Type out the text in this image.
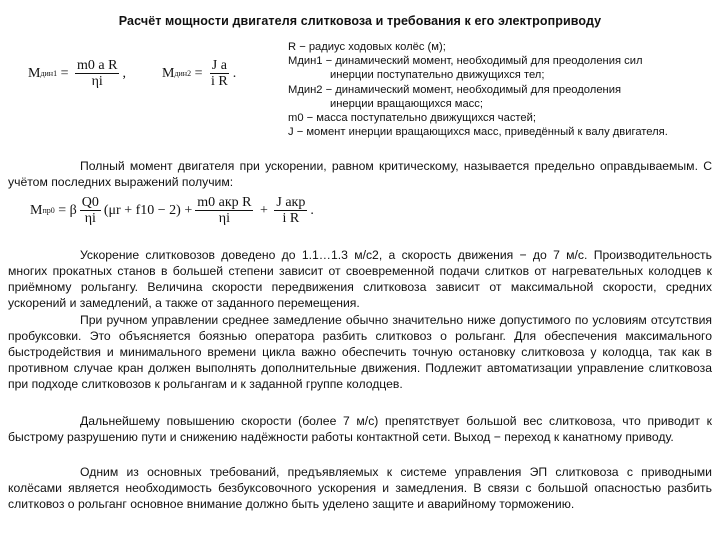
Расчёт мощности двигателя слитковоза и требования к его электроприводу
M $дин1 = \frac{\text{m0 a R}}{\eta i}$ ,	M $дин2 = \frac{\text{J a}}{\text{i R}}$ .
R − радиус ходовых колёс (м);
Mдин1 − динамический момент, необходимый для преодоления сил
инерции поступательно движущихся тел;
Mдин2 − динамический момент, необходимый для преодоления
инерции вращающихся масс;
m0 − масса поступательно движущихся частей;
J − момент инерции вращающихся масс, приведённый к валу двигателя.
Полный момент двигателя при ускорении, равном критическому, называется предельно оправдываемым. С учётом последних выражений получим:
M пр0 = β $\frac{Q0}{\eta i} (\mu r + f10 - 2) + \frac{\text{m0 aкр R}}{\eta i} + \frac{\text{J aкр}}{\text{i R}}$ .
Ускорение слитковозов доведено до 1.1…1.3 м/с2, а скорость движения − до 7 м/с. Производительность многих прокатных станов в большей степени зависит от своевременной подачи слитков от нагревательных колодцев к приёмному рольгангу. Величина скорости передвижения слитковоза зависит от максимальной скорости, средних ускорений и замедлений, а также от заданного перемещения.
При ручном управлении среднее замедление обычно значительно ниже допустимого по условиям отсутствия пробуксовки. Это объясняется боязнью оператора разбить слитковоз о рольганг. Для обеспечения максимального быстродействия и минимального времени цикла важно обеспечить точную остановку слитковоза у колодца, так как в противном случае кран должен выполнять дополнительные движения. Подлежит автоматизации управление слитковоза при подходе слитковозов к рольгангам и к заданной группе колодцев.
Дальнейшему повышению скорости (более 7 м/с) препятствует большой вес слитковоза, что приводит к быстрому разрушению пути и снижению надёжности работы контактной сети. Выход − переход к канатному приводу.
Одним из основных требований, предъявляемых к системе управления ЭП слитковоза с приводными колёсами является необходимость безбуксовочного ускорения и замедления. В связи с большой опасностью разбить слитковоз о рольганг основное внимание должно быть уделено защите и аварийному торможению.
